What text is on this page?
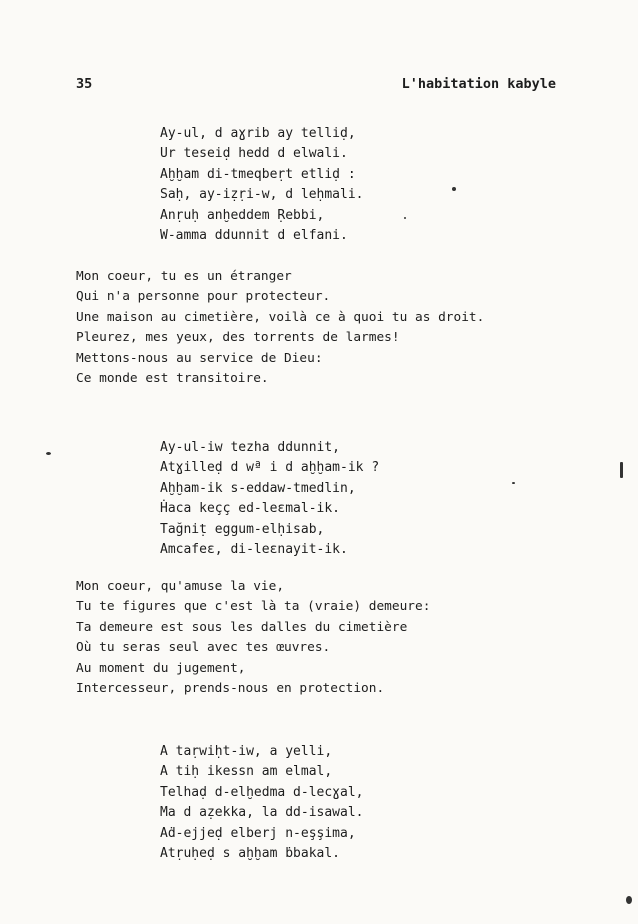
35	L'habitation kabyle
Ay-ul, d aɣrib ay telliḍ,
Ur teseiḍ hedd d elwali.
Aḫḫam di-tmeqbeṛt etliḍ :
Saḥ, ay-iẓṛi-w, d leḥmali.
Anṛuḥ anḫeddem Ṛebbi,
W-amma ddunnit d elfani.
Mon coeur, tu es un étranger
Qui n'a personne pour protecteur.
Une maison au cimetière, voilà ce à quoi tu as droit.
Pleurez, mes yeux, des torrents de larmes!
Mettons-nous au service de Dieu:
Ce monde est transitoire.
Ay-ul-iw tezha ddunnit,
Atɣilleḍ d wª i d aḫḫam-ik ?
Aḫḫam-ik s-eddaw-tmedlin,
Ḣaca keçç ed-leɛmal-ik.
Tağniṭ eggum-elḥisab,
Amcafeɛ, di-leɛnayit-ik.
Mon coeur, qu'amuse la vie,
Tu te figures que c'est là ta (vraie) demeure:
Ta demeure est sous les dalles du cimetière
Où tu seras seul avec tes œuvres.
Au moment du jugement,
Intercesseur, prends-nous en protection.
A taṛwiḥt-iw, a yelli,
A tiḥ ikessn am elmal,
Telhaḍ d-elḫedma d-lecɣal,
Ma d aẓekka, la dd-isawal.
Aḋ-ejjeḍ elberj n-eşşima,
Atṛuḥeḍ s aḫḫam ḃbakal.
